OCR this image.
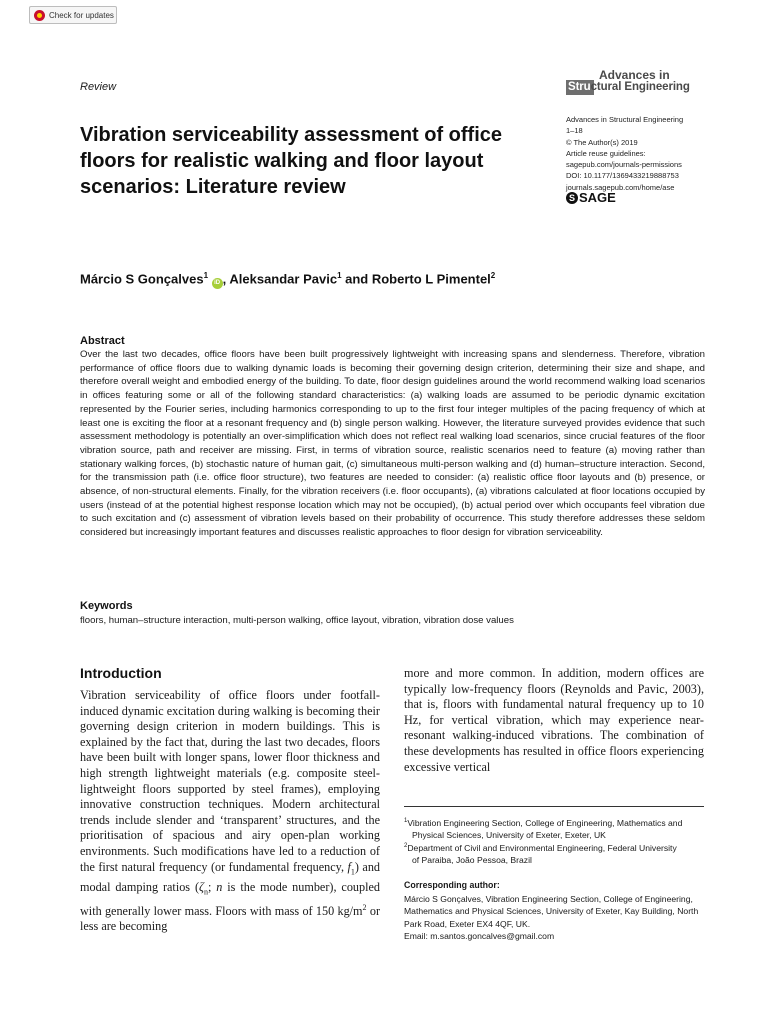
Check for updates
Review
Advances in
Structural Engineering
Advances in Structural Engineering
1–18
© The Author(s) 2019
Article reuse guidelines:
sagepub.com/journals-permissions
DOI: 10.1177/1369433219888753
journals.sagepub.com/home/ase
S SAGE
Vibration serviceability assessment of office floors for realistic walking and floor layout scenarios: Literature review
Márcio S Gonçalves$^1$ iD , Aleksandar Pavic$^1$ and Roberto L Pimentel$^2$
Abstract
Over the last two decades, office floors have been built progressively lightweight with increasing spans and slenderness. Therefore, vibration performance of office floors due to walking dynamic loads is becoming their governing design criterion, determining their size and shape, and therefore overall weight and embodied energy of the building. To date, floor design guidelines around the world recommend walking load scenarios in offices featuring some or all of the following standard characteristics: (a) walking loads are assumed to be periodic dynamic excitation represented by the Fourier series, including harmonics corresponding to up to the first four integer multiples of the pacing frequency of which at least one is exciting the floor at a resonant frequency and (b) single person walking. However, the literature surveyed provides evidence that such assessment methodology is potentially an over-simplification which does not reflect real walking load scenarios, since crucial features of the floor vibration source, path and receiver are missing. First, in terms of vibration source, realistic scenarios need to feature (a) moving rather than stationary walking forces, (b) stochastic nature of human gait, (c) simultaneous multi-person walking and (d) human–structure interaction. Second, for the transmission path (i.e. office floor structure), two features are needed to consider: (a) realistic office floor layouts and (b) presence, or absence, of non-structural elements. Finally, for the vibration receivers (i.e. floor occupants), (a) vibrations calculated at floor locations occupied by users (instead of at the potential highest response location which may not be occupied), (b) actual period over which occupants feel vibration due to such excitation and (c) assessment of vibration levels based on their probability of occurrence. This study therefore addresses these seldom considered but increasingly important features and discusses realistic approaches to floor design for vibration serviceability.
Keywords
floors, human–structure interaction, multi-person walking, office layout, vibration, vibration dose values
Introduction
Vibration serviceability of office floors under footfall-induced dynamic excitation during walking is becoming their governing design criterion in modern buildings. This is explained by the fact that, during the last two decades, floors have been built with longer spans, lower floor thickness and high strength lightweight materials (e.g. composite steel-lightweight floors supported by steel frames), employing innovative construction techniques. Modern architectural trends include slender and ‘transparent’ structures, and the prioritisation of spacious and airy open-plan working environments. Such modifications have led to a reduction of the first natural frequency (or fundamental frequency, $f_1$) and modal damping ratios ($\zeta_n$; n is the mode number), coupled with generally lower mass. Floors with mass of 150 $kg/m^2$ or less are becoming
more and more common. In addition, modern offices are typically low-frequency floors (Reynolds and Pavic, 2003), that is, floors with fundamental natural frequency up to 10 Hz, for vertical vibration, which may experience near-resonant walking-induced vibrations. The combination of these developments has resulted in office floors experiencing excessive vertical
$^1$Vibration Engineering Section, College of Engineering, Mathematics and
Physical Sciences, University of Exeter, Exeter, UK
$^2$Department of Civil and Environmental Engineering, Federal University
of Paraiba, João Pessoa, Brazil
Corresponding author:
Márcio S Gonçalves, Vibration Engineering Section, College of Engineering, Mathematics and Physical Sciences, University of Exeter, Kay Building, North Park Road, Exeter EX4 4QF, UK.
Email: m.santos.goncalves@gmail.com
